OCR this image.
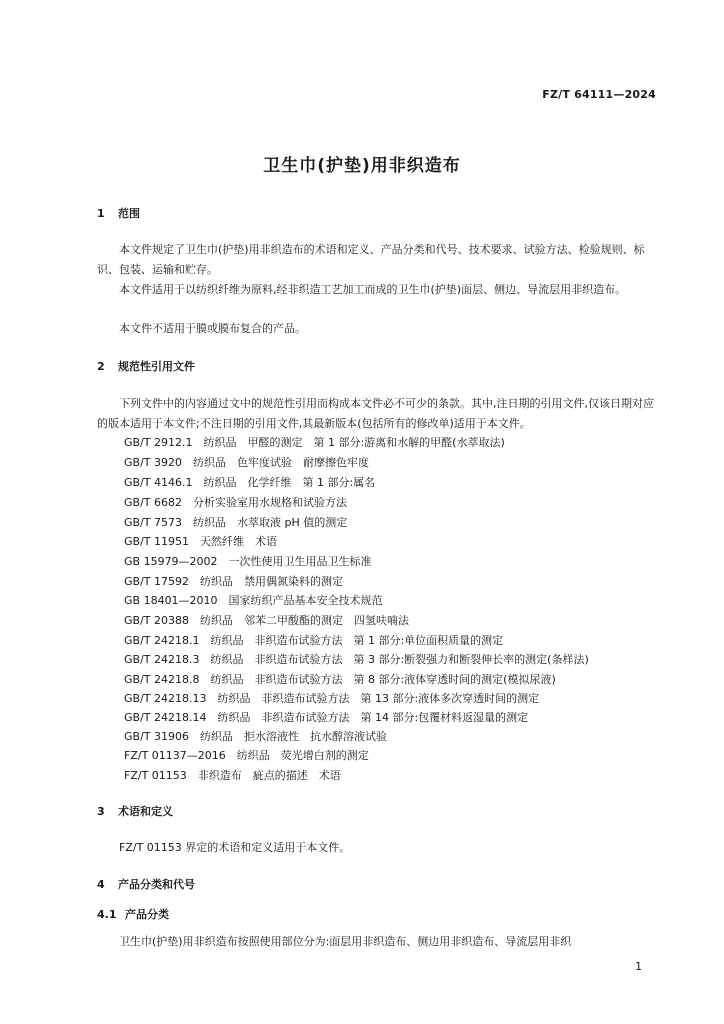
FZ/T 64111—2024
卫生巾(护垫)用非织造布
1 范围
本文件规定了卫生巾(护垫)用非织造布的术语和定义、产品分类和代号、技术要求、试验方法、检验规则、标识、包装、运输和贮存。
本文件适用于以纺织纤维为原料,经非织造工艺加工而成的卫生巾(护垫)面层、侧边、导流层用非织造布。
本文件不适用于膜或膜布复合的产品。
2 规范性引用文件
下列文件中的内容通过文中的规范性引用而构成本文件必不可少的条款。其中,注日期的引用文件,仅该日期对应的版本适用于本文件;不注日期的引用文件,其最新版本(包括所有的修改单)适用于本文件。
GB/T 2912.1　纺织品　甲醛的测定　第 1 部分:游离和水解的甲醛(水萃取法)
GB/T 3920　纺织品　色牢度试验　耐摩擦色牢度
GB/T 4146.1　纺织品　化学纤维　第 1 部分:属名
GB/T 6682　分析实验室用水规格和试验方法
GB/T 7573　纺织品　水萃取液 pH 值的测定
GB/T 11951　天然纤维　术语
GB 15979—2002　一次性使用卫生用品卫生标准
GB/T 17592　纺织品　禁用偶氮染料的测定
GB 18401—2010　国家纺织产品基本安全技术规范
GB/T 20388　纺织品　邻苯二甲酸酯的测定　四氢呋喃法
GB/T 24218.1　纺织品　非织造布试验方法　第 1 部分:单位面积质量的测定
GB/T 24218.3　纺织品　非织造布试验方法　第 3 部分:断裂强力和断裂伸长率的测定(条样法)
GB/T 24218.8　纺织品　非织造布试验方法　第 8 部分:液体穿透时间的测定(模拟尿液)
GB/T 24218.13　纺织品　非织造布试验方法　第 13 部分:液体多次穿透时间的测定
GB/T 24218.14　纺织品　非织造布试验方法　第 14 部分:包覆材料返湿量的测定
GB/T 31906　纺织品　拒水溶液性　抗水醇溶液试验
FZ/T 01137—2016　纺织品　荧光增白剂的测定
FZ/T 01153　非织造布　疵点的描述　术语
3 术语和定义
FZ/T 01153 界定的术语和定义适用于本文件。
4 产品分类和代号
4.1 产品分类
卫生巾(护垫)用非织造布按照使用部位分为:面层用非织造布、侧边用非织造布、导流层用非织
1
